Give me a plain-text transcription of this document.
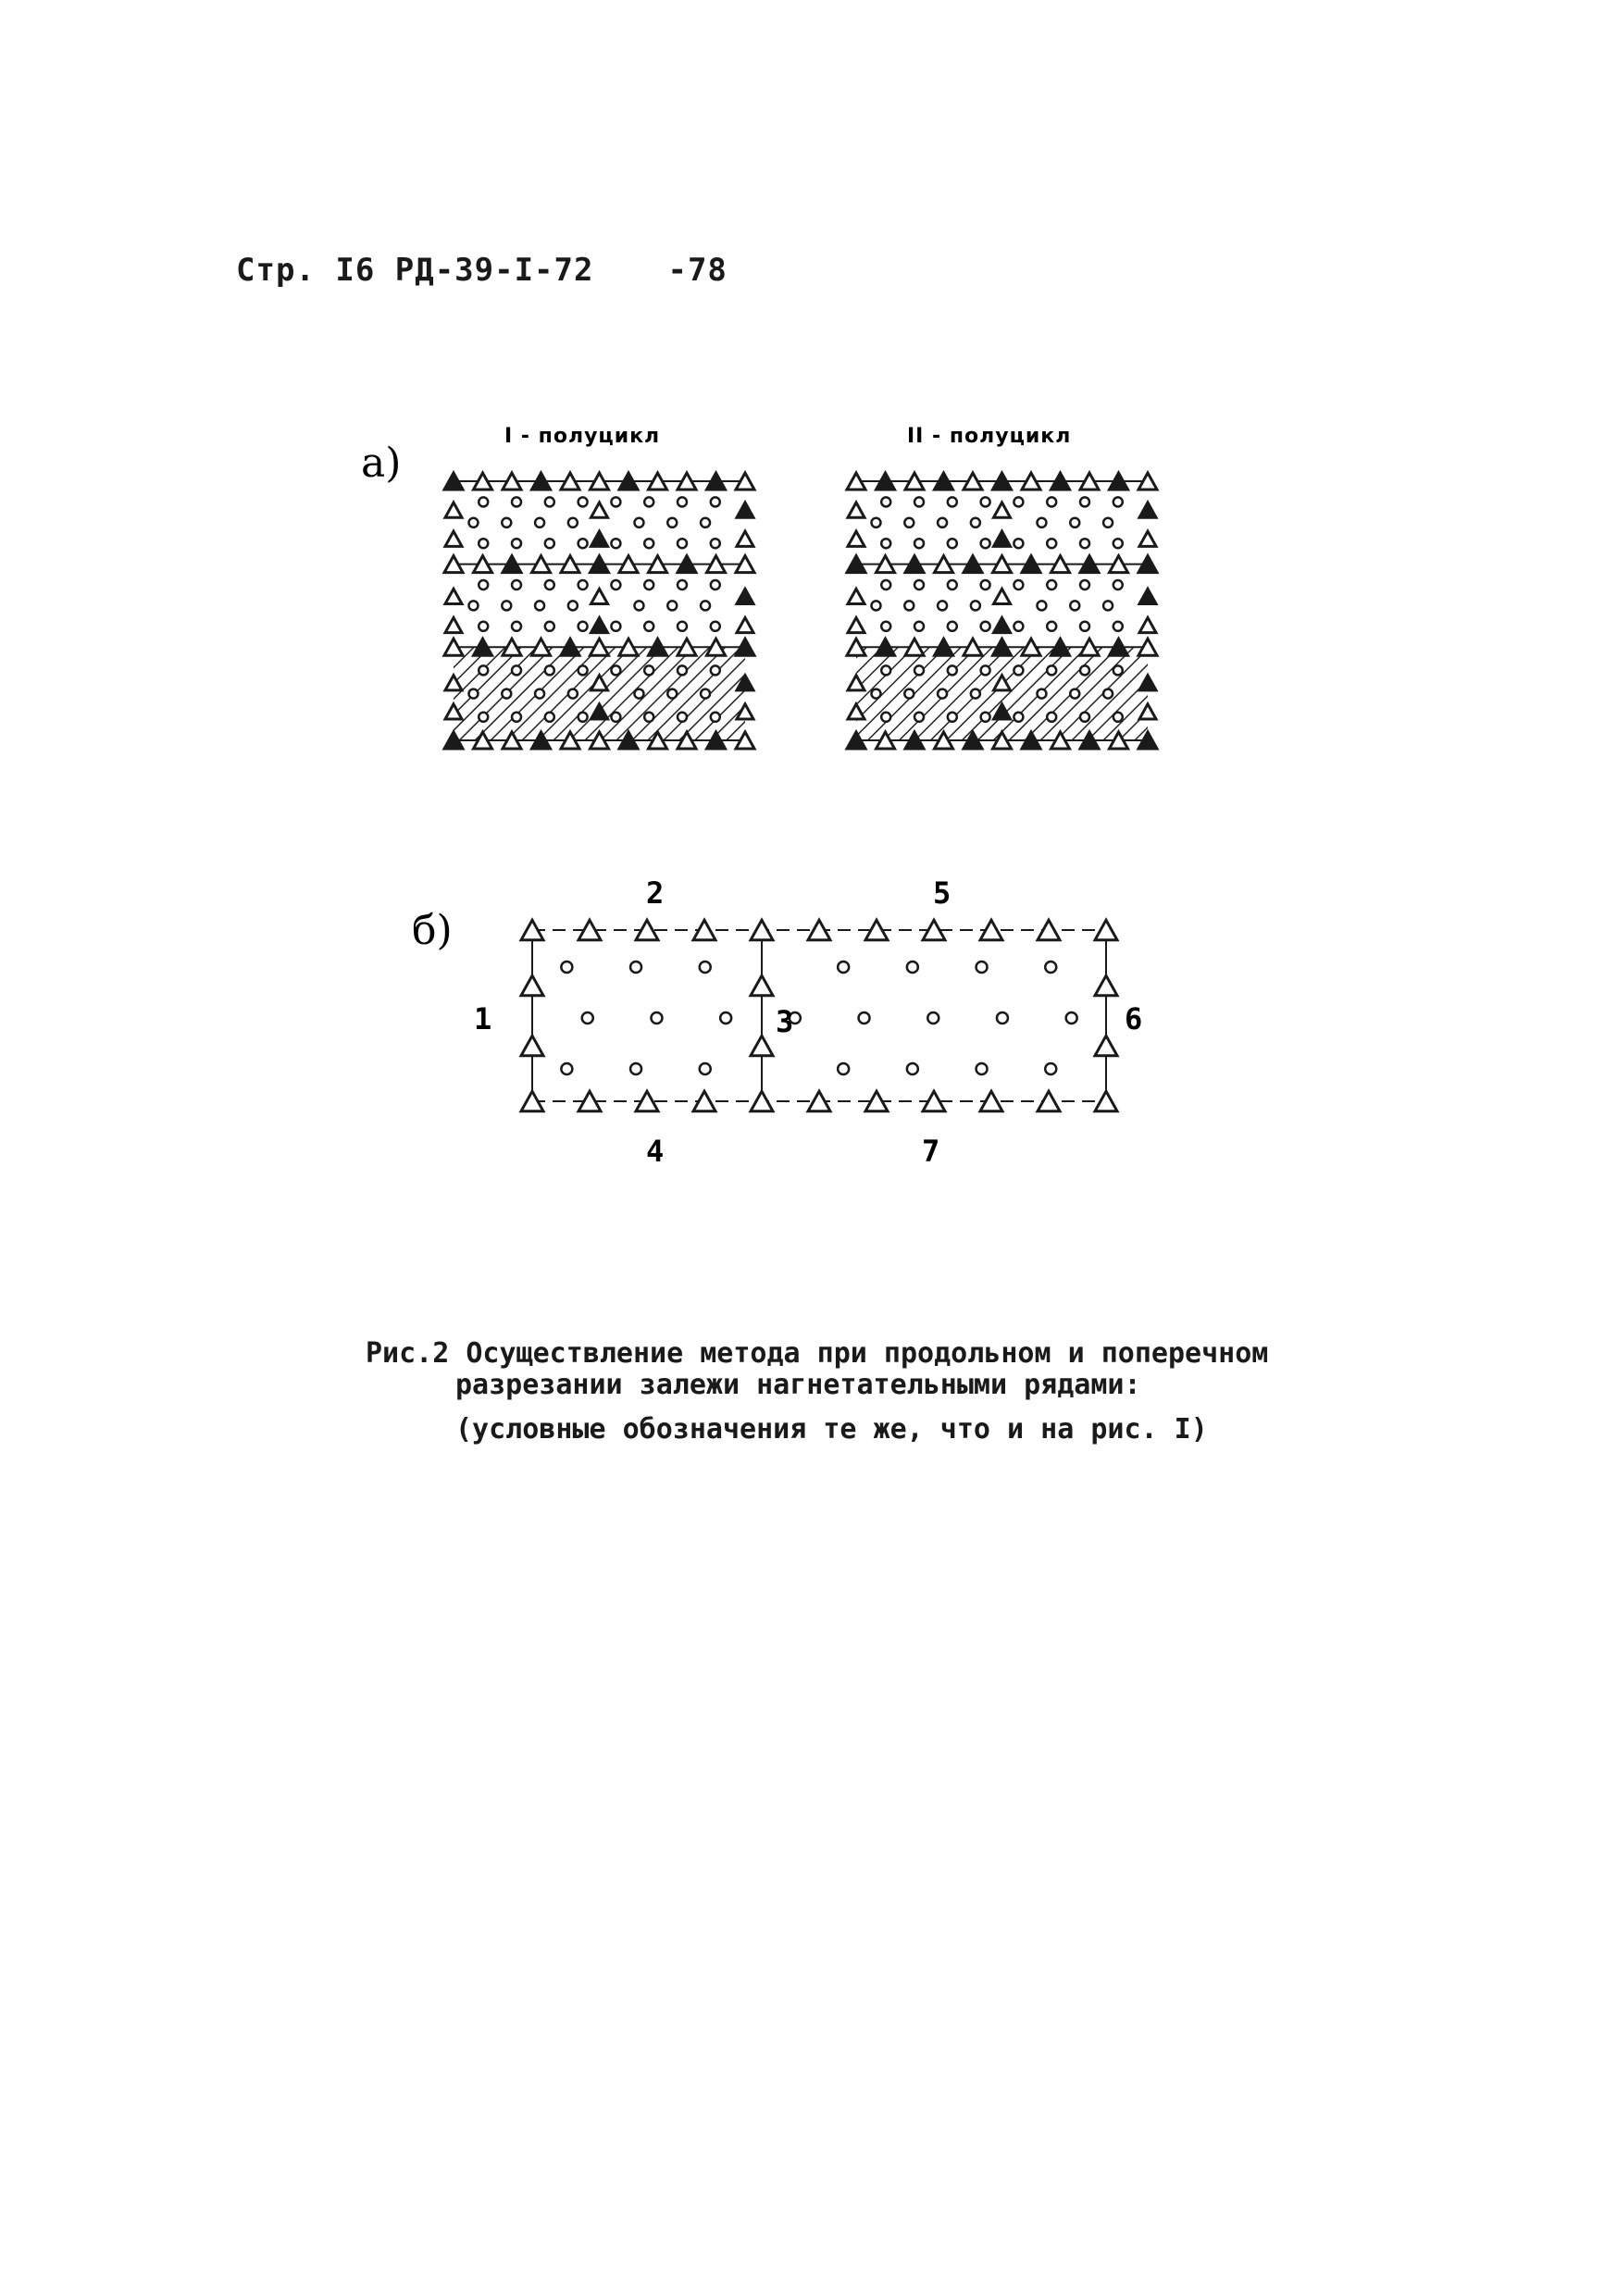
Стр. I6 РД-39-I-72 -78
а)
I - полуцикл	II - полуцикл
б)
2	5
1	3	6
4	7
Рис.2 Осуществление метода при продольном и поперечном
разрезании залежи нагнетательными рядами:
(условные обозначения те же, что и на рис. I)
